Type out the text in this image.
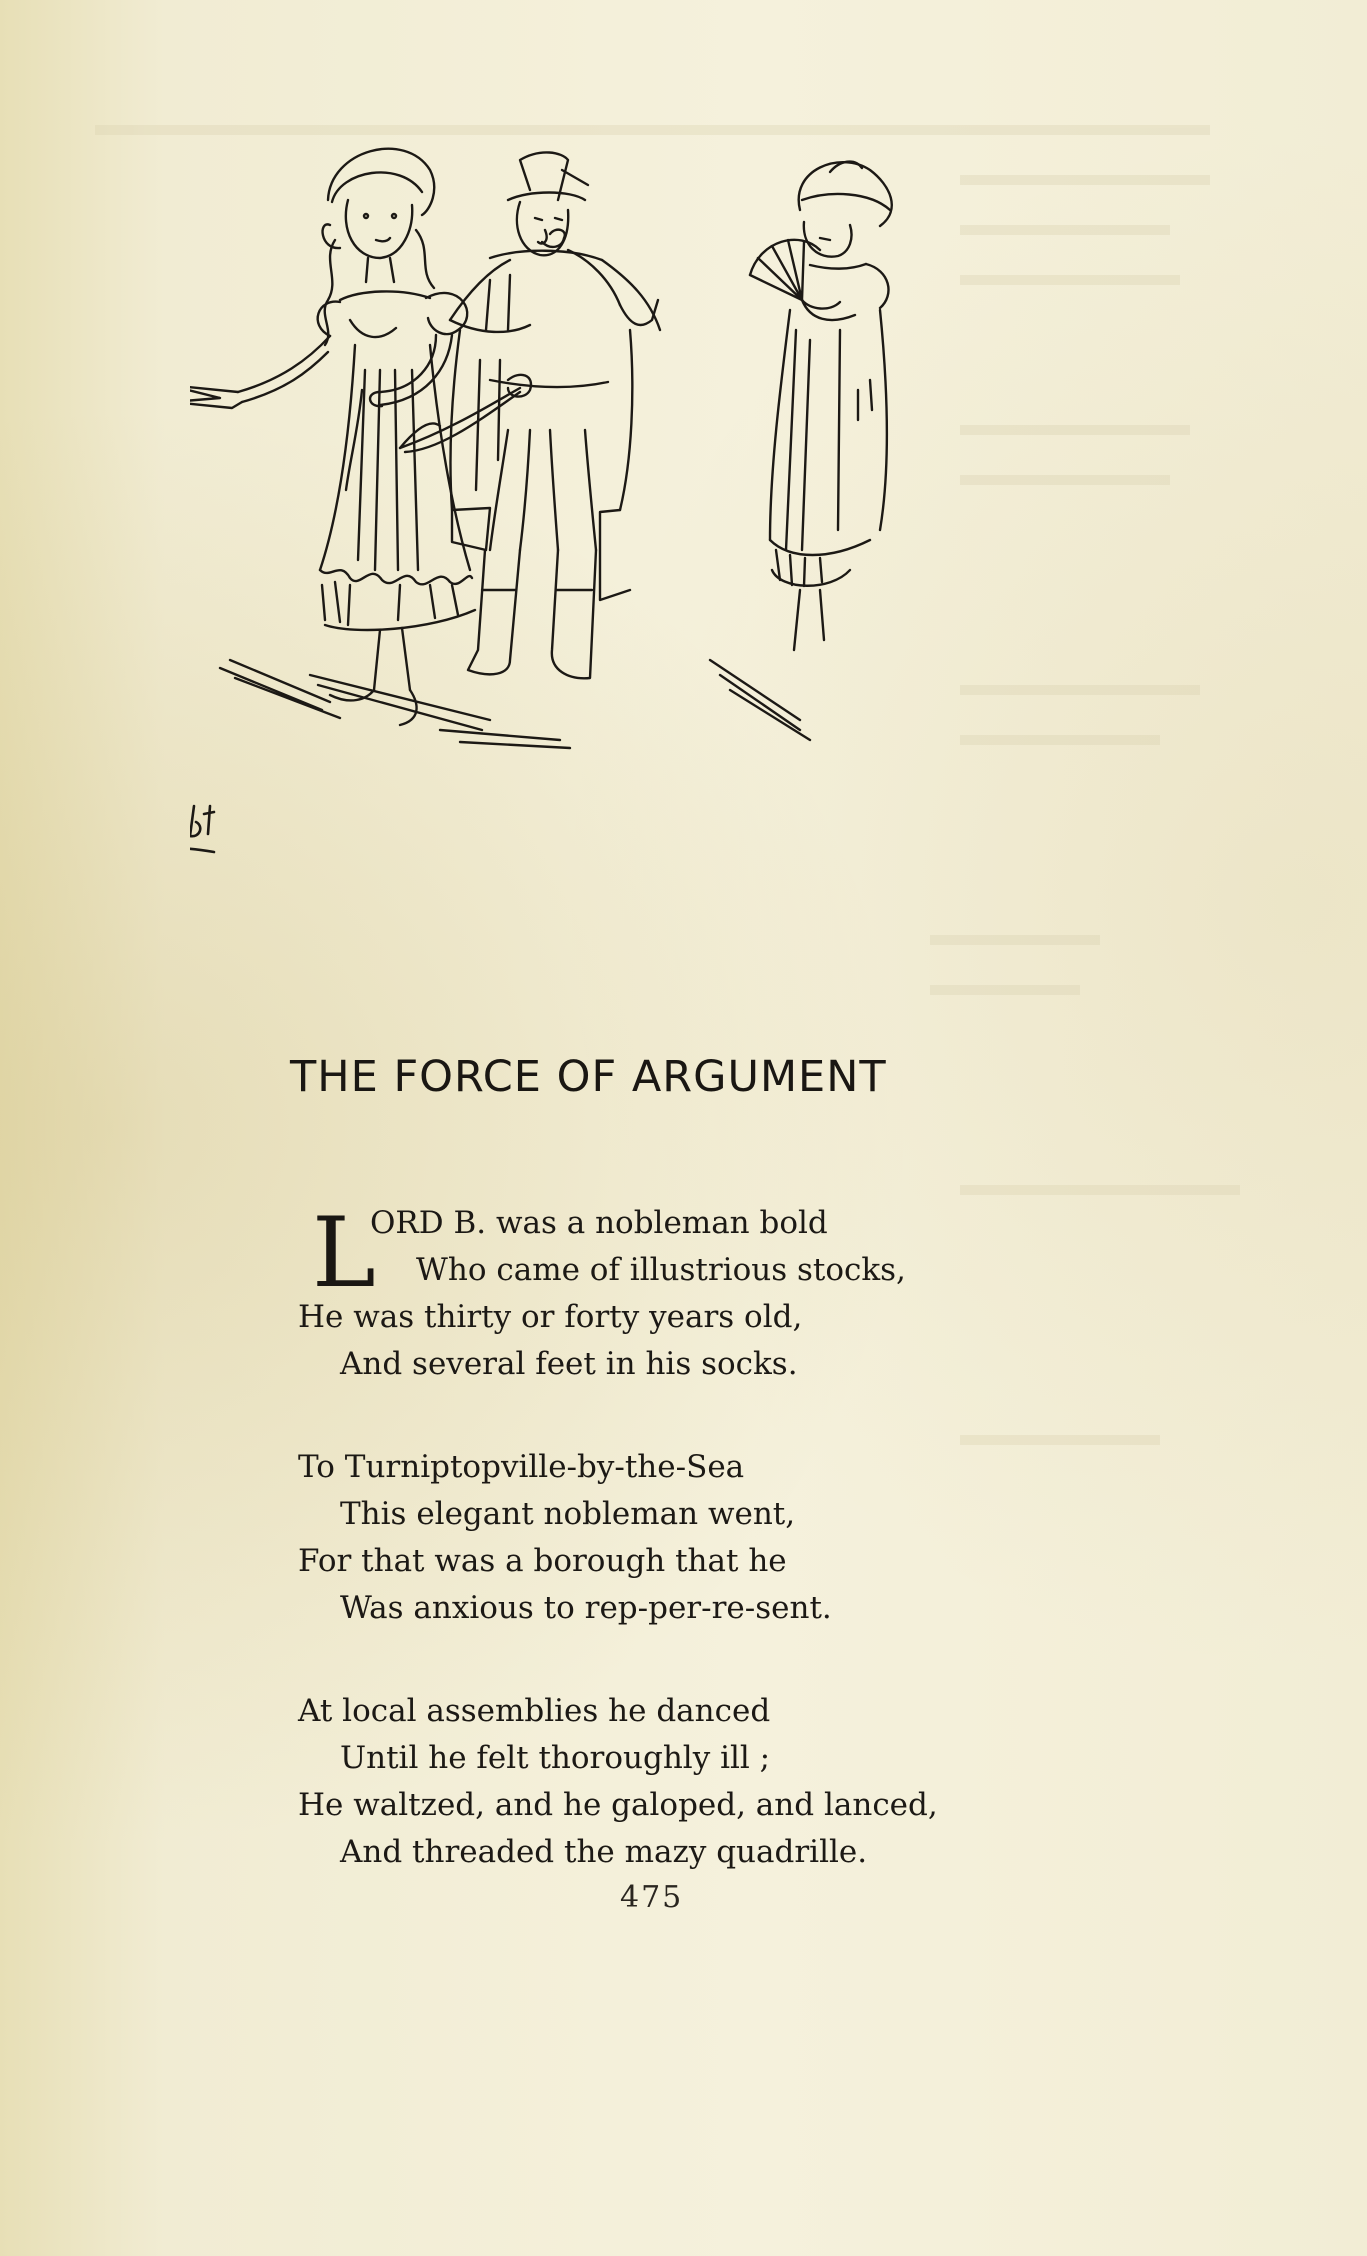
THE FORCE OF ARGUMENT
L
ORD B. was a nobleman bold
Who came of illustrious stocks,
He was thirty or forty years old,
And several feet in his socks.
To Turniptopville-by-the-Sea
This elegant nobleman went,
For that was a borough that he
Was anxious to rep-per-re-sent.
At local assemblies he danced
Until he felt thoroughly ill ;
He waltzed, and he galoped, and lanced,
And threaded the mazy quadrille.
475
